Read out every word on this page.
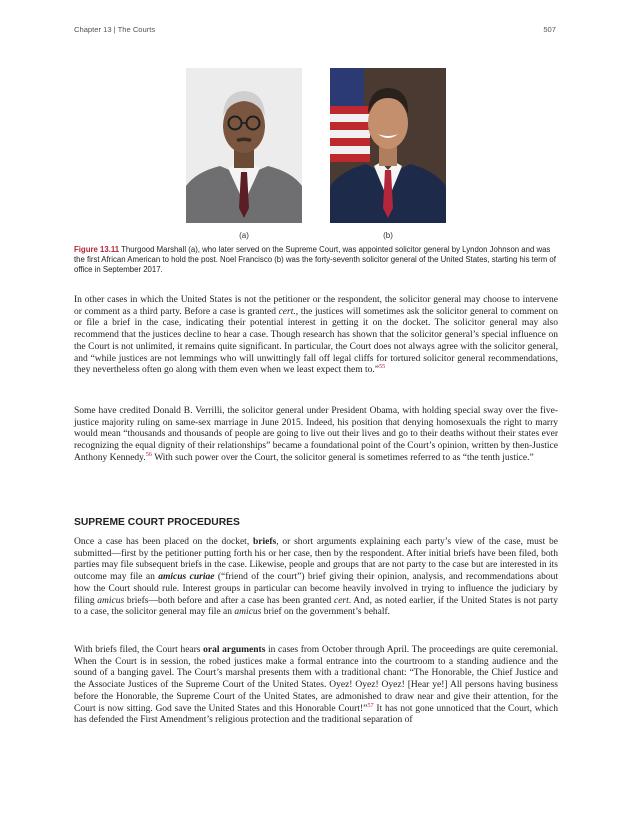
Chapter 13 | The Courts	507
(a)	(b)
Figure 13.11 Thurgood Marshall (a), who later served on the Supreme Court, was appointed solicitor general by Lyndon Johnson and was the first African American to hold the post. Noel Francisco (b) was the forty-seventh solicitor general of the United States, starting his term of office in September 2017.

In other cases in which the United States is not the petitioner or the respondent, the solicitor general may choose to intervene or comment as a third party. Before a case is granted cert., the justices will sometimes ask the solicitor general to comment on or file a brief in the case, indicating their potential interest in getting it on the docket. The solicitor general may also recommend that the justices decline to hear a case. Though research has shown that the solicitor general’s special influence on the Court is not unlimited, it remains quite significant. In particular, the Court does not always agree with the solicitor general, and “while justices are not lemmings who will unwittingly fall off legal cliffs for tortured solicitor general recommendations, they nevertheless often go along with them even when we least expect them to.”$^{55}$

Some have credited Donald B. Verrilli, the solicitor general under President Obama, with holding special sway over the five-justice majority ruling on same-sex marriage in June 2015. Indeed, his position that denying homosexuals the right to marry would mean “thousands and thousands of people are going to live out their lives and go to their deaths without their states ever recognizing the equal dignity of their relationships” became a foundational point of the Court’s opinion, written by then-Justice Anthony Kennedy.$^{56}$ With such power over the Court, the solicitor general is sometimes referred to as “the tenth justice.”

SUPREME COURT PROCEDURES

Once a case has been placed on the docket, briefs, or short arguments explaining each party’s view of the case, must be submitted—first by the petitioner putting forth his or her case, then by the respondent. After initial briefs have been filed, both parties may file subsequent briefs in the case. Likewise, people and groups that are not party to the case but are interested in its outcome may file an amicus curiae (“friend of the court”) brief giving their opinion, analysis, and recommendations about how the Court should rule. Interest groups in particular can become heavily involved in trying to influence the judiciary by filing amicus briefs—both before and after a case has been granted cert. And, as noted earlier, if the United States is not party to a case, the solicitor general may file an amicus brief on the government’s behalf.

With briefs filed, the Court hears oral arguments in cases from October through April. The proceedings are quite ceremonial. When the Court is in session, the robed justices make a formal entrance into the courtroom to a standing audience and the sound of a banging gavel. The Court’s marshal presents them with a traditional chant: “The Honorable, the Chief Justice and the Associate Justices of the Supreme Court of the United States. Oyez! Oyez! Oyez! [Hear ye!] All persons having business before the Honorable, the Supreme Court of the United States, are admonished to draw near and give their attention, for the Court is now sitting. God save the United States and this Honorable Court!”$^{57}$ It has not gone unnoticed that the Court, which has defended the First Amendment’s religious protection and the traditional separation of
